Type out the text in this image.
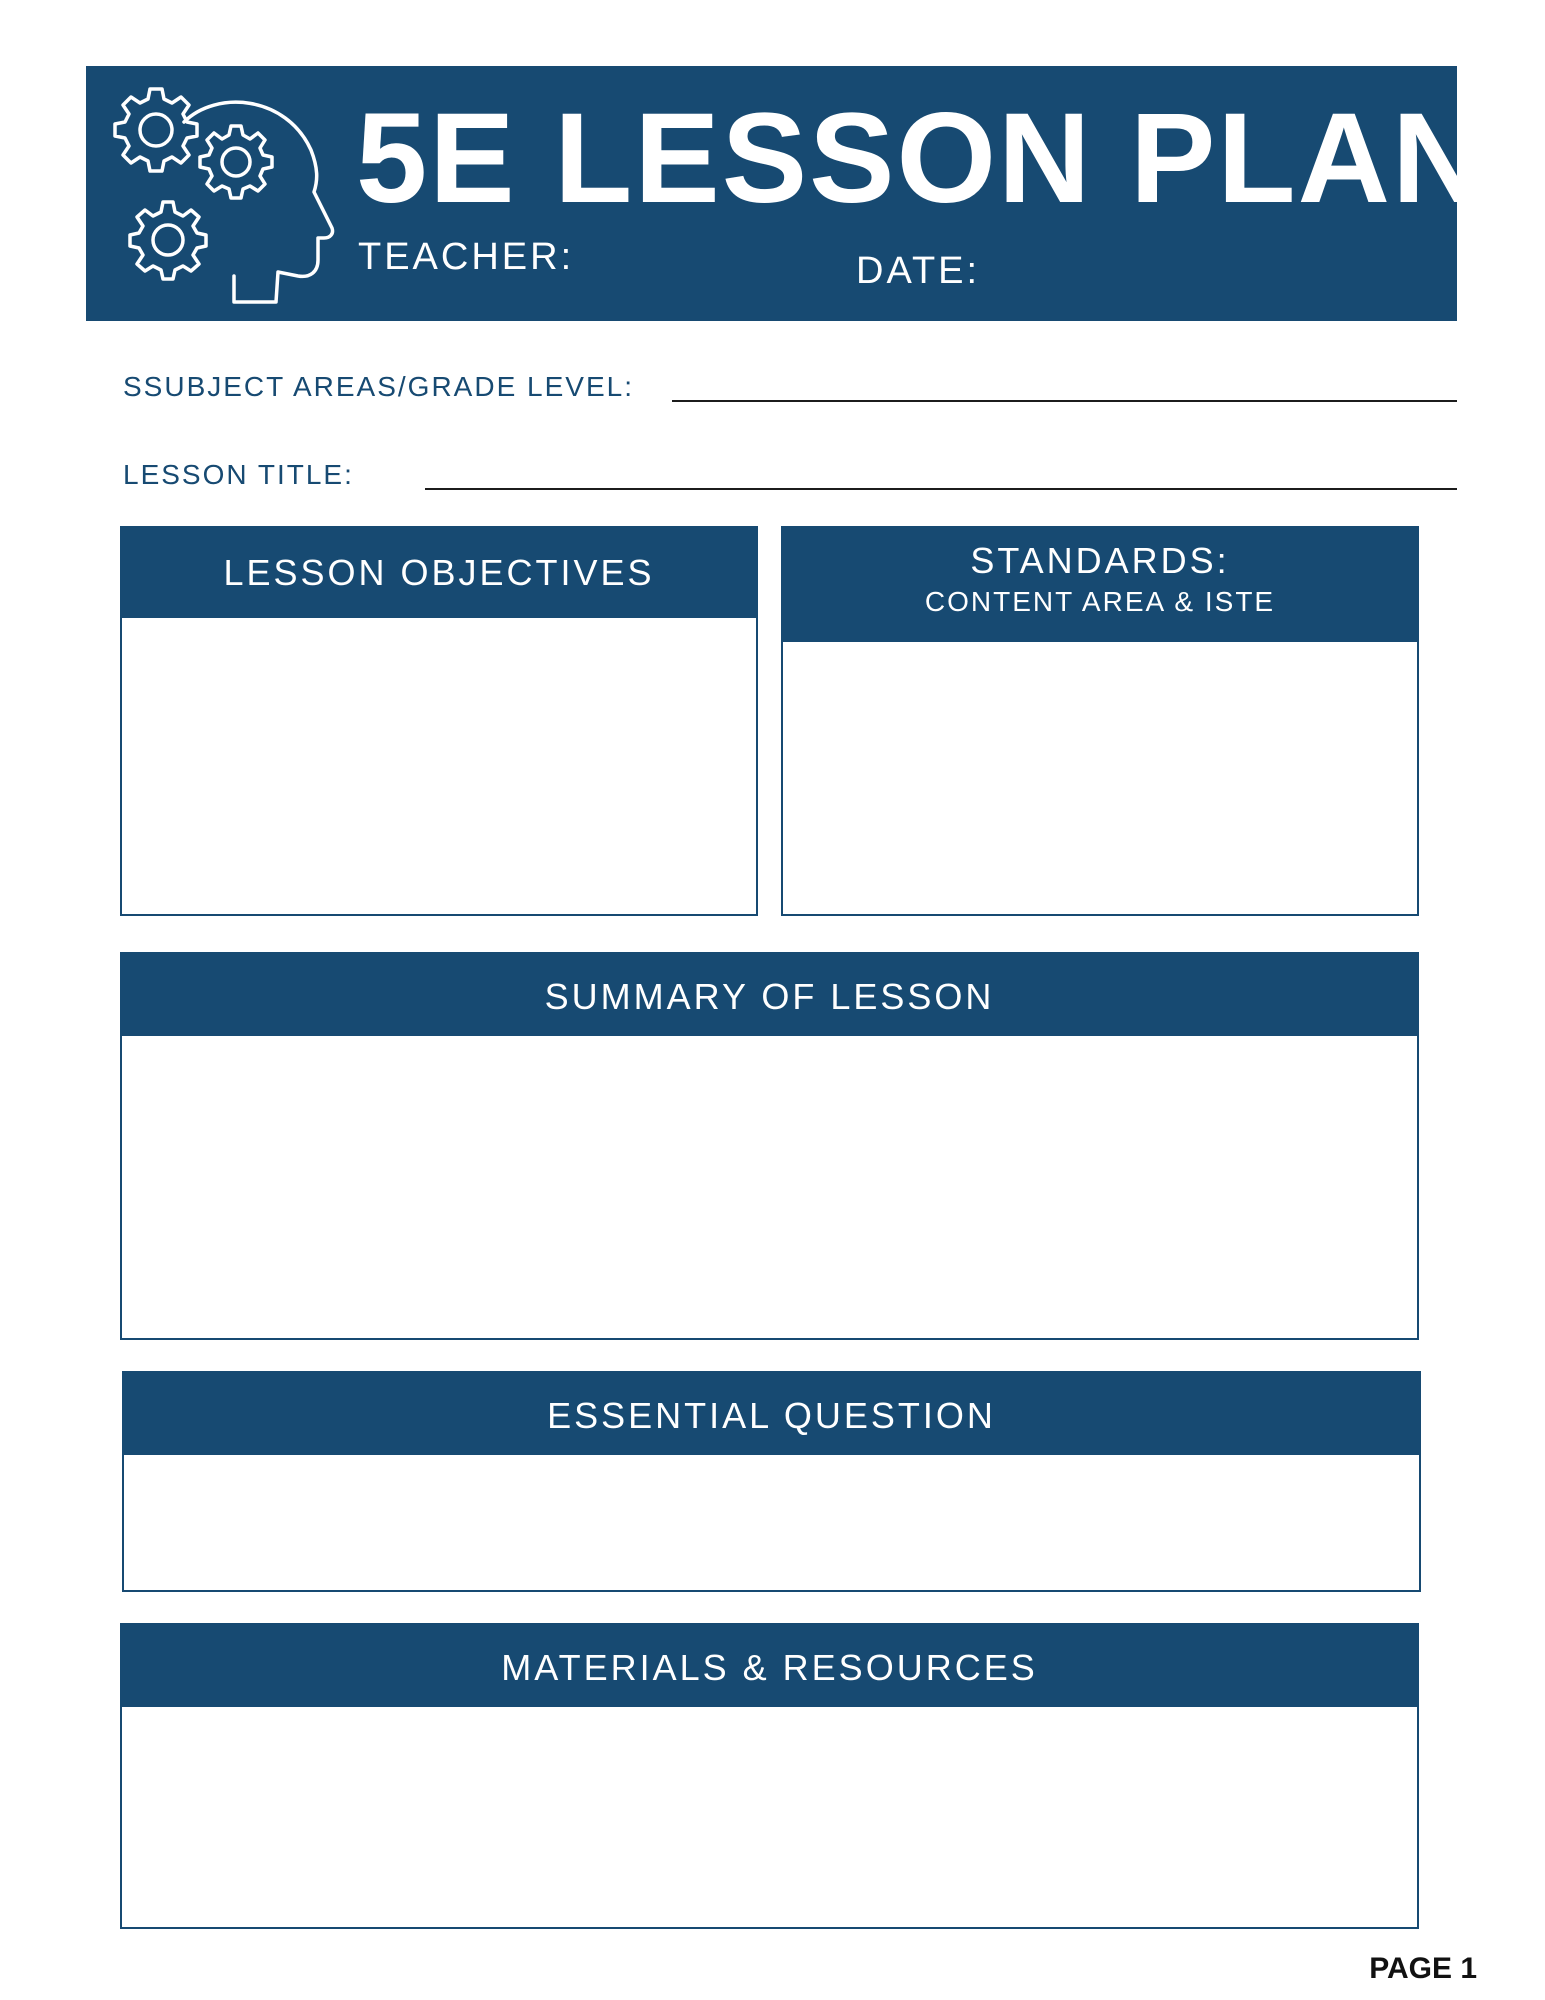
5E LESSON PLAN
TEACHER:	DATE:
SSUBJECT AREAS/GRADE LEVEL:
LESSON TITLE:
LESSON OBJECTIVES	STANDARDS:
CONTENT AREA & ISTE
SUMMARY OF LESSON
ESSENTIAL QUESTION
MATERIALS & RESOURCES
PAGE 1
